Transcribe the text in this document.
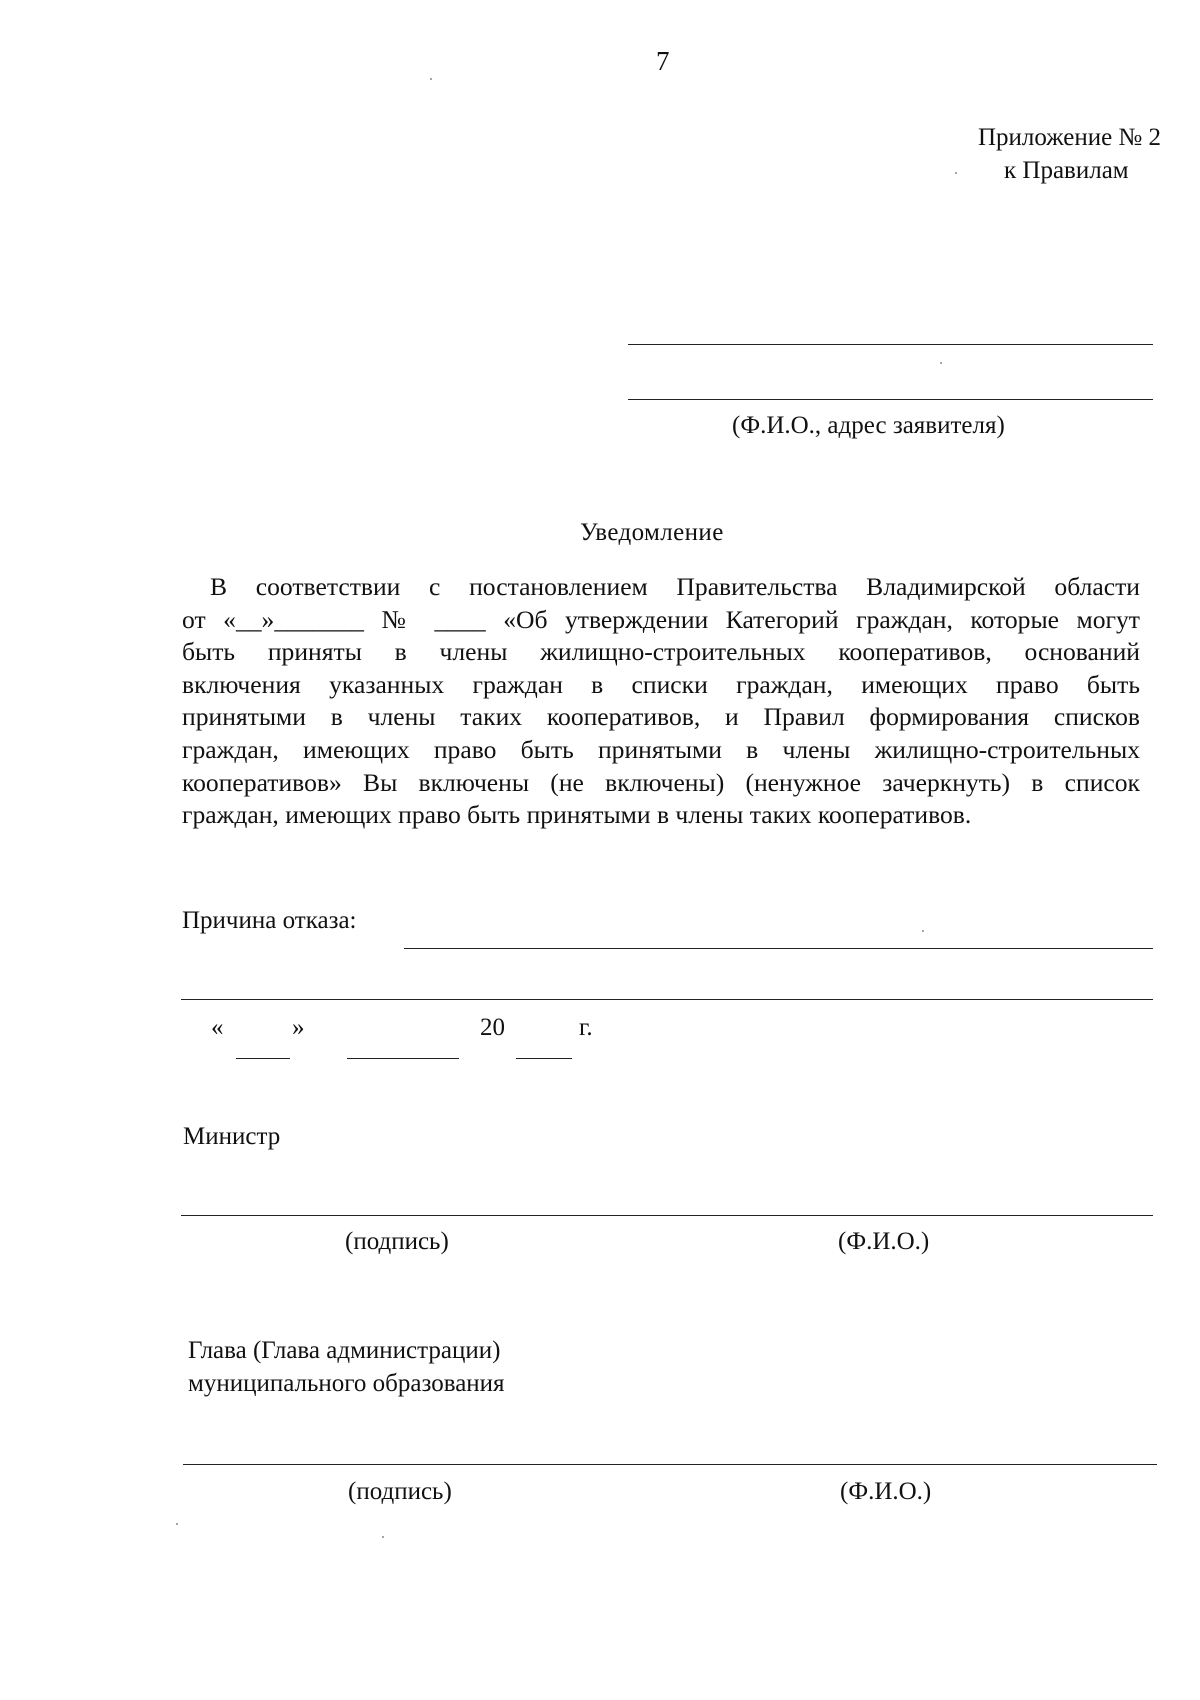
7
Приложение № 2
к Правилам
(Ф.И.О., адрес заявителя)
Уведомление
В соответствии с постановлением Правительства Владимирской области
от «__»_______ № ____ «Об утверждении Категорий граждан, которые могут
быть приняты в члены жилищно-строительных кооперативов, оснований
включения указанных граждан в списки граждан, имеющих право быть
принятыми в члены таких кооперативов, и Правил формирования списков
граждан, имеющих право быть принятыми в члены жилищно-строительных
кооперативов» Вы включены (не включены) (ненужное зачеркнуть) в список
граждан, имеющих право быть принятыми в члены таких кооперативов.
Причина отказа:
«	»	20	г.
Министр
(подпись)	(Ф.И.О.)
Глава (Глава администрации)
муниципального образования
(подпись)	(Ф.И.О.)
